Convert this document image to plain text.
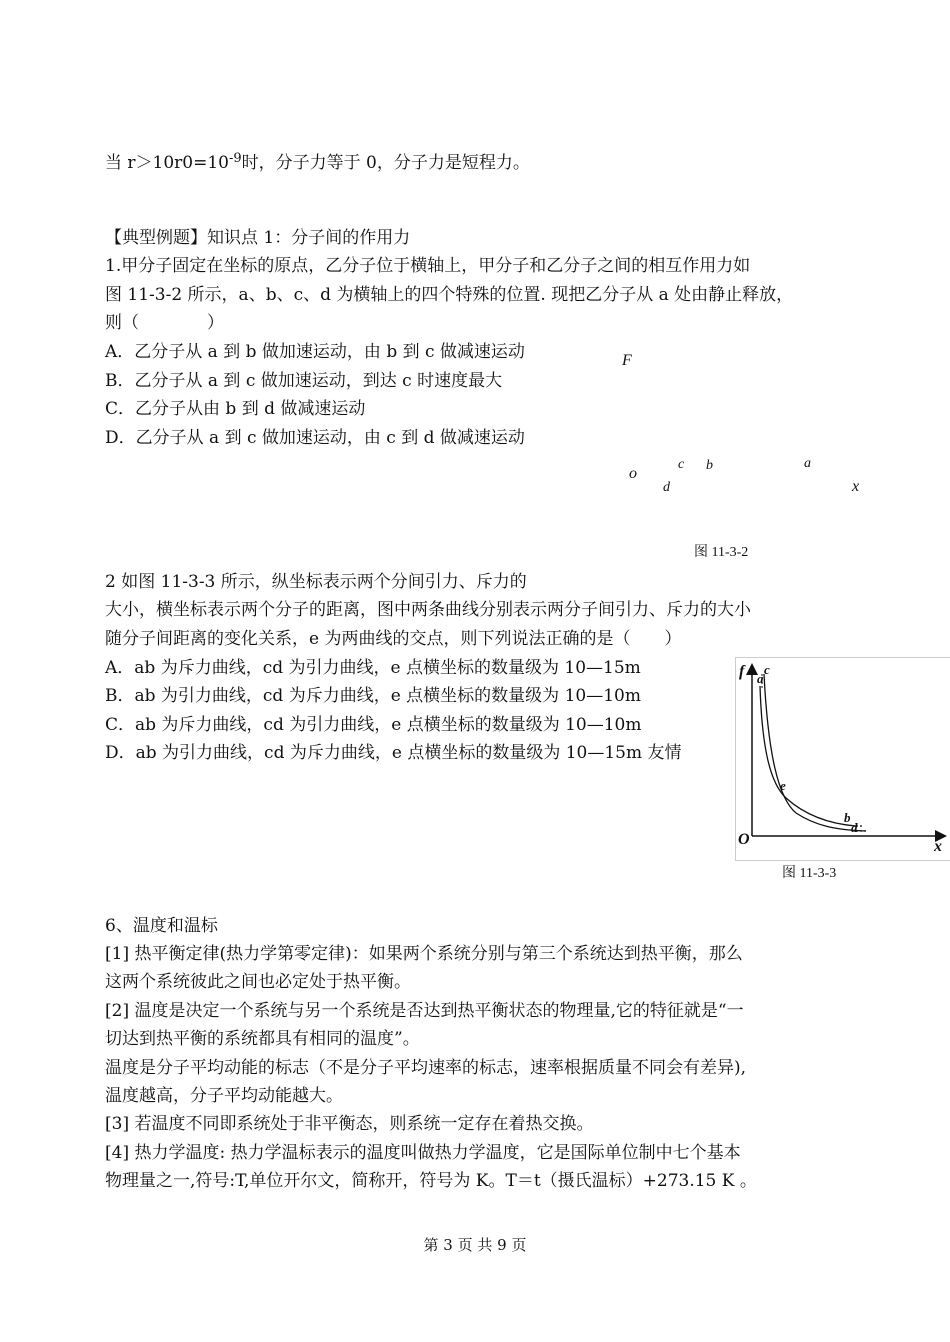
当 $r>10r0=10^{-9}$时，分子力等于 0，分子力是短程力。
【典型例题】知识点 1：分子间的作用力
1.甲分子固定在坐标的原点，乙分子位于横轴上，甲分子和乙分子之间的相互作用力如
图 11-3-2 所示，a、b、c、d 为横轴上的四个特殊的位置. 现把乙分子从 a 处由静止释放，
则（　　　　）
A．乙分子从 a 到 b 做加速运动，由 b 到 c 做减速运动
B．乙分子从 a 到 c 做加速运动，到达 c 时速度最大
C．乙分子从由 b 到 d 做减速运动
D．乙分子从 a 到 c 做加速运动，由 c 到 d 做减速运动
F
o
c b	a
d	x
图 11-3-2
2 如图 11-3-3 所示，纵坐标表示两个分间引力、斥力的
大小，横坐标表示两个分子的距离，图中两条曲线分别表示两分子间引力、斥力的大小
随分子间距离的变化关系，e 为两曲线的交点，则下列说法正确的是（　　）
A．ab 为斥力曲线，cd 为引力曲线，e 点横坐标的数量级为 10—15m
B．ab 为引力曲线，cd 为斥力曲线，e 点横坐标的数量级为 10—10m
C．ab 为斥力曲线，cd 为引力曲线，e 点横坐标的数量级为 10—10m
D．ab 为引力曲线，cd 为斥力曲线，e 点横坐标的数量级为 10—15m 友情
f a
c
e
b
d
O	x
图 11-3-3
6、温度和温标
[1] 热平衡定律(热力学第零定律)：如果两个系统分别与第三个系统达到热平衡，那么
这两个系统彼此之间也必定处于热平衡。
[2] 温度是决定一个系统与另一个系统是否达到热平衡状态的物理量,它的特征就是“一
切达到热平衡的系统都具有相同的温度”。
温度是分子平均动能的标志（不是分子平均速率的标志，速率根据质量不同会有差异),
温度越高，分子平均动能越大。
[3] 若温度不同即系统处于非平衡态，则系统一定存在着热交换。
[4] 热力学温度: 热力学温标表示的温度叫做热力学温度，它是国际单位制中七个基本
物理量之一,符号:T,单位开尔文，简称开，符号为 K。T＝t（摄氏温标）+273.15 K 。
第 3 页 共 9 页
